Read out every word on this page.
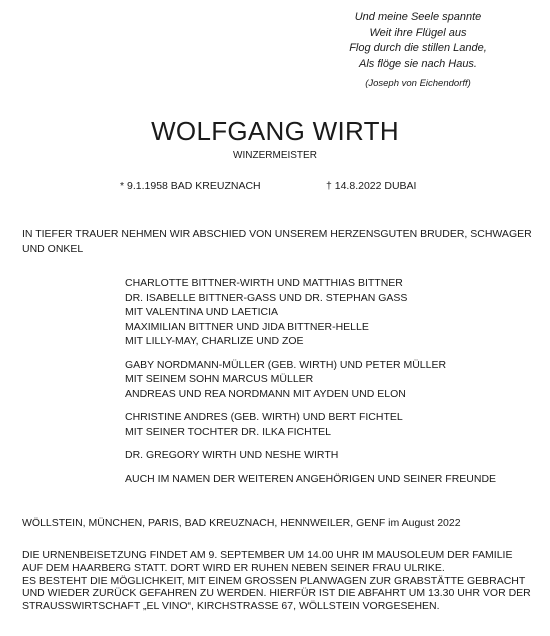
Und meine Seele spannte
Weit ihre Flügel aus
Flog durch die stillen Lande,
Als flöge sie nach Haus.
(Joseph von Eichendorff)
WOLFGANG WIRTH
WINZERMEISTER
* 9.1.1958 BAD KREUZNACH	† 14.8.2022 DUBAI
IN TIEFER TRAUER NEHMEN WIR ABSCHIED VON UNSEREM HERZENSGUTEN BRUDER, SCHWAGER UND ONKEL
CHARLOTTE BITTNER-WIRTH UND MATTHIAS BITTNER
DR. ISABELLE BITTNER-GASS UND DR. STEPHAN GASS
MIT VALENTINA UND LAETICIA
MAXIMILIAN BITTNER UND JIDA BITTNER-HELLE
MIT LILLY-MAY, CHARLIZE UND ZOE
GABY NORDMANN-MÜLLER (GEB. WIRTH) UND PETER MÜLLER
MIT SEINEM SOHN MARCUS MÜLLER
ANDREAS UND REA NORDMANN MIT AYDEN UND ELON
CHRISTINE ANDRES (GEB. WIRTH) UND BERT FICHTEL
MIT SEINER TOCHTER DR. ILKA FICHTEL
DR. GREGORY WIRTH UND NESHE WIRTH
AUCH IM NAMEN DER WEITEREN ANGEHÖRIGEN UND SEINER FREUNDE
WÖLLSTEIN, MÜNCHEN, PARIS, BAD KREUZNACH, HENNWEILER, GENF im August 2022
DIE URNENBEISETZUNG FINDET AM 9. SEPTEMBER UM 14.00 UHR IM MAUSOLEUM DER FAMILIE
AUF DEM HAARBERG STATT. DORT WIRD ER RUHEN NEBEN SEINER FRAU ULRIKE.
ES BESTEHT DIE MÖGLICHKEIT, MIT EINEM GROSSEN PLANWAGEN ZUR GRABSTÄTTE GEBRACHT
UND WIEDER ZURÜCK GEFAHREN ZU WERDEN. HIERFÜR IST DIE ABFAHRT UM 13.30 UHR VOR DER
STRAUSSWIRTSCHAFT „EL VINO“, KIRCHSTRASSE 67, WÖLLSTEIN VORGESEHEN.
